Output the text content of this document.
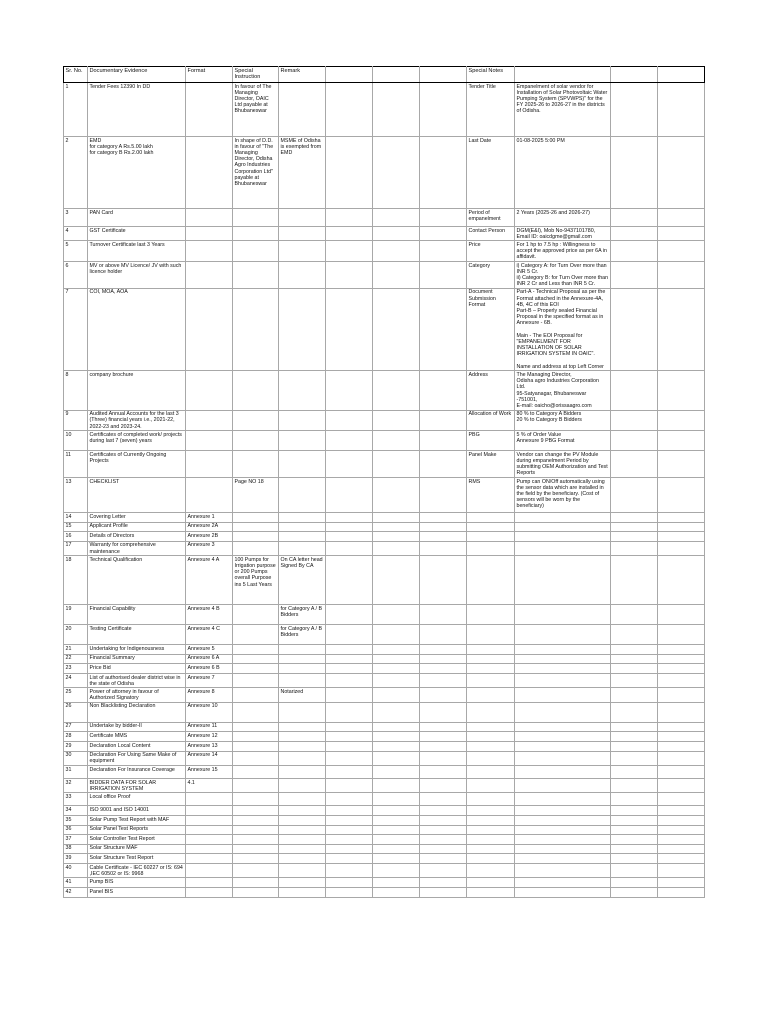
Sr. No.	Documentary Evidence	Format	Special Instruction	Remark				Special Notes			
1	Tender Fees 12390 In DD		In favour of The Managing Director, OAIC Ltd payable at Bhubaneswar					Tender Title	Empanelment of solar vendor for Installation of Solar Photovoltaic Water Pumping System (SPVWPS)" for the FY 2025-26 to 2026-27 in the districts of Odisha.		
2	EMD
for category A Rs.5.00 lakh
for category B Rs.2.00 lakh		In shape of D.D. in favour of "The Managing Director, Odisha Agro Industries Corporation Ltd" payable at Bhubaneswar	MSME of Odisha is exempted from EMD				Last Date	01-08-2025 5:00 PM		
3	PAN Card							Period of empanelment	2 Years (2025-26 and 2026-27)		
4	GST Certificate							Contact Person	DGM(E&I), Mob No-9437101780,
Email ID: oaicdgme@gmail.com		
5	Turnover Certificate last 3 Years							Price	For 1 hp to 7.5 hp : Willingness to accept the approved price as per 6A in affidavit.		
6	MV or above MV Licence/ JV with such licence holder							Category	i) Category A: for Turn Over more than INR 5 Cr.
ii) Category B: for Turn Over more than INR 2 Cr and Less than INR 5 Cr.		
7	COI, MOA, AOA							Document Submission Format	Part-A - Technical Proposal as per the Format attached in the Annexure-4A, 4B, 4C of this EOI
Part-B – Properly sealed Financial Proposal in the specified format as in Annexure - 6B.

Main - The EOI Proposal for "EMPANELMENT FOR INSTALLATION OF SOLAR IRRIGATION SYSTEM IN OAIC".

Name and address at top Left Corner		
8	company brochure							Address	The Managing Director,
Odisha agro Industries Corporation Ltd.
95-Satyanagar, Bhubaneswar -751001,
E-mail: oaicho@orissaagro.com		
9	Audited Annual Accounts for the last 3 (Three) financial years i.e., 2021-22, 2022-23 and 2023-24.							Allocation of Work	80 % to Category A Bidders
20 % to Category B Bidders		
10	Certificates of completed work/ projects during last 7 (seven) years							PBG	5 % of Order Value
Annexure 9 PBG Format		
11	Certificates of Currently Ongoing Projects							Panel Make	Vendor can change the PV Module during empanelment Period by submitting OEM Authorization and Test Reports		
13	CHECKLIST		Page NO 18					RMS	Pump can ON/Off automatically using the sensor data which are installed in the field by the beneficiary. (Cost of sensors will be worn by the beneficiary)		
14	Covering Letter	Annexure 1									
15	Applicant Profile	Annexure 2A									
16	Details of Directors	Annexure 2B									
17	Warranty for comprehensive maintenance	Annexure 3									
18	Technical Qualification	Annexure 4 A	100 Pumps for Irrigation purpose or 200 Pumps overall Purpose ins 5 Last Years	On CA letter head Signed By CA							
19	Financial Capability	Annexure 4 B		for Category A / B Bidders							
20	Testing Certificate	Annexure 4 C		for Category A / B Bidders							
21	Undertaking for Indigenousness	Annexure 5									
22	Financial Summary	Annexure 6 A									
23	Price Bid	Annexure 6 B									
24	List of authorised dealer district wise in the state of Odisha	Annexure 7									
25	Power of attorney in favour of Authorized Signatory	Annexure 8		Notarized							
26	Non Blacklisting Declaration	Annexure 10									
27	Undertake by bidder-II	Annexure 11									
28	Certificate MMS	Annexure 12									
29	Declaration Local Content	Annexure 13									
30	Declaration For Using Same Make of equipment	Annexure 14									
31	Declaration For Insurance Coverage	Annexure 15									
32	BIDDER DATA FOR SOLAR IRRIGATION SYSTEM	4.1									
33	Local office Proof										
34	ISO 9001 and ISO 14001										
35	Solar Pump Test Report with MAF										
36	Solar Panel Test Reports										
37	Solar Controller Test Report										
38	Solar Structure MAF										
39	Solar Structure Test Report										
40	Cable Certificate - IEC 60227 or IS: 694 ,IEC 60502 or IS: 9968										
41	Pump BIS										
42	Panel BIS										
